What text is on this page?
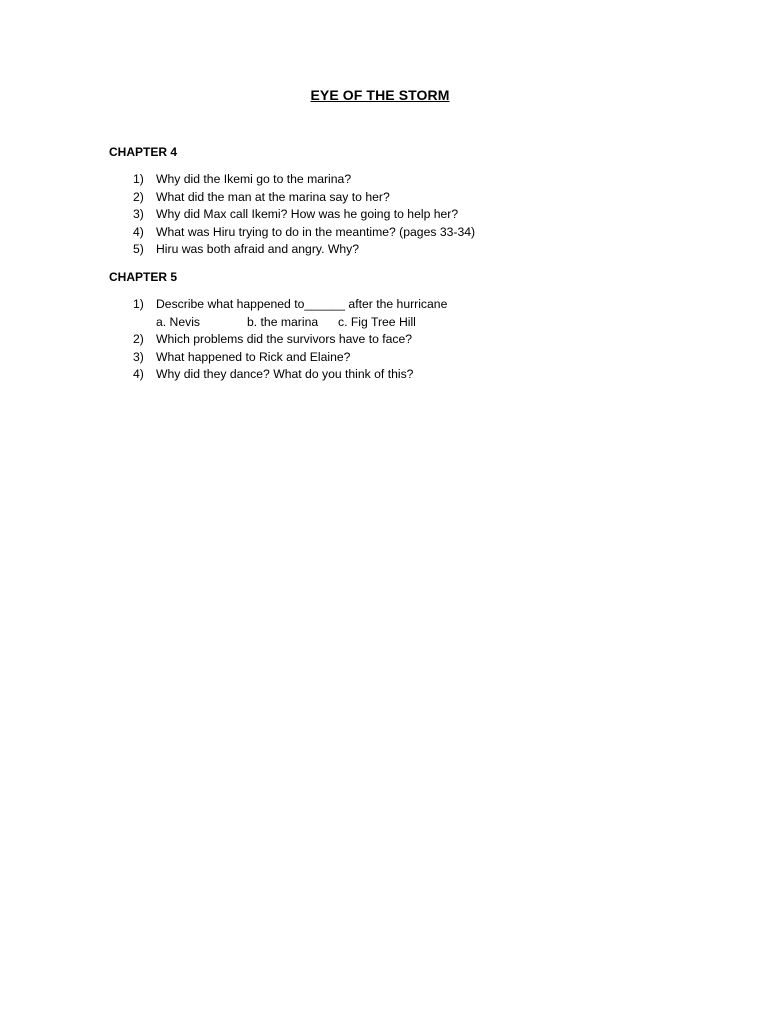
EYE OF THE STORM
CHAPTER 4
1) Why did the Ikemi go to the marina?
2) What did the man at the marina say to her?
3) Why did Max call Ikemi? How was he going to help her?
4) What was Hiru trying to do in the meantime? (pages 33-34)
5) Hiru was both afraid and angry. Why?
CHAPTER 5
1) Describe what happened to______ after the hurricane
a. Nevis	b. the marina c. Fig Tree Hill
2) Which problems did the survivors have to face?
3) What happened to Rick and Elaine?
4) Why did they dance? What do you think of this?
